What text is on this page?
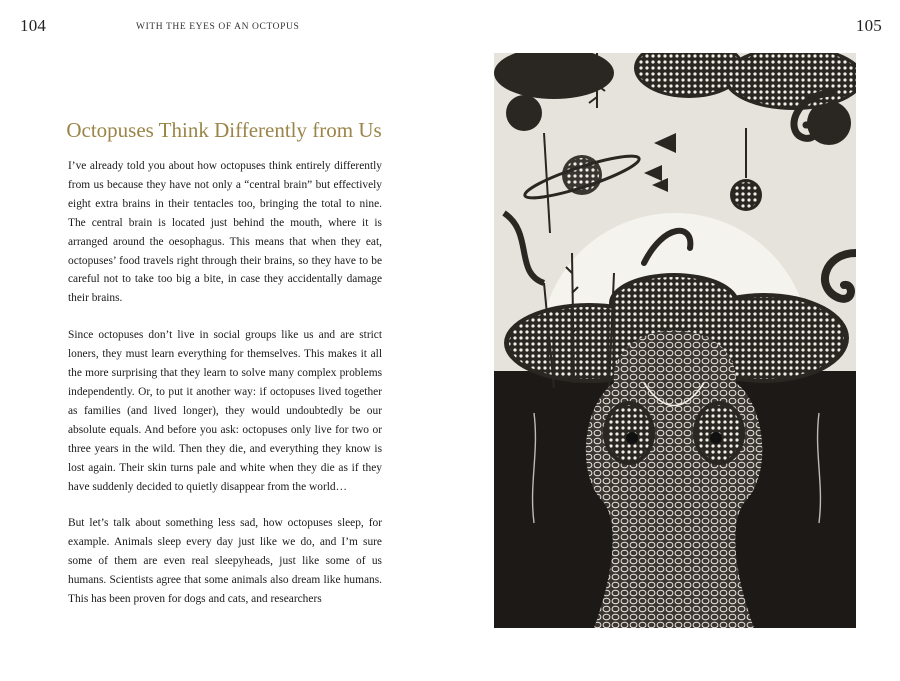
104	WITH THE EYES OF AN OCTOPUS	105
Octopuses Think Differently from Us

I’ve already told you about how octopuses think entirely differently from us because they have not only a “central brain” but effectively eight extra brains in their tentacles too, bringing the total to nine. The central brain is located just behind the mouth, where it is arranged around the oesophagus. This means that when they eat, octopuses’ food travels right through their brains, so they have to be careful not to take too big a bite, in case they accidentally damage their brains.

Since octopuses don’t live in social groups like us and are strict loners, they must learn everything for themselves. This makes it all the more surprising that they learn to solve many complex problems independently. Or, to put it another way: if octopuses lived together as families (and lived longer), they would undoubtedly be our absolute equals. And before you ask: octopuses only live for two or three years in the wild. Then they die, and everything they know is lost again. Their skin turns pale and white when they die as if they have suddenly decided to quietly disappear from the world…

But let’s talk about something less sad, how octopuses sleep, for example. Animals sleep every day just like we do, and I’m sure some of them are even real sleepyheads, just like some of us humans. Scientists agree that some animals also dream like humans. This has been proven for dogs and cats, and researchers
